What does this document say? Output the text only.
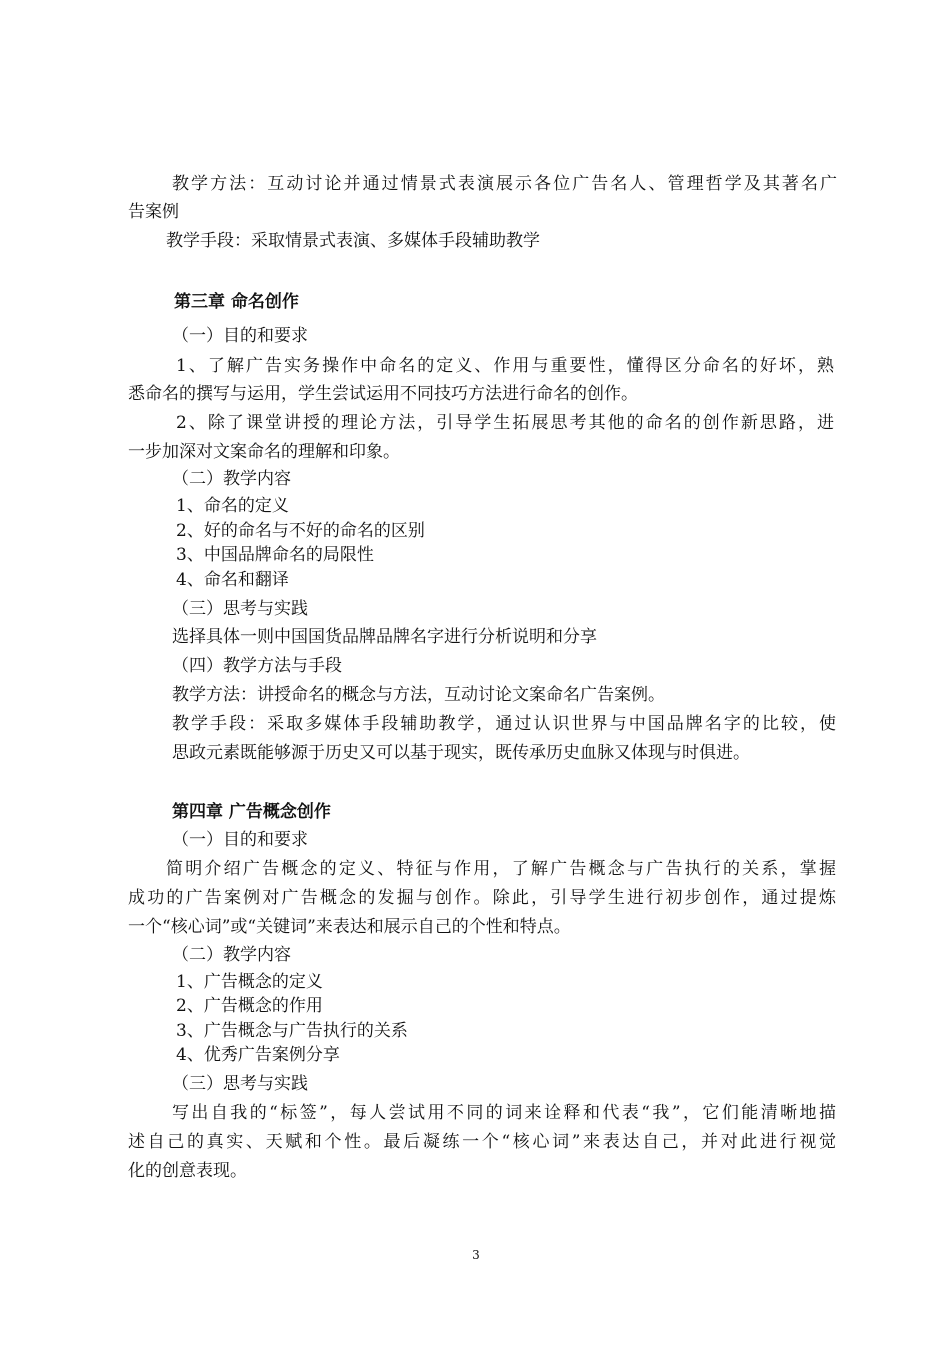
教学方法：互动讨论并通过情景式表演展示各位广告名人、管理哲学及其著名广
告案例
教学手段：采取情景式表演、多媒体手段辅助教学
第三章 命名创作
（一）目的和要求
1、了解广告实务操作中命名的定义、作用与重要性，懂得区分命名的好坏，熟
悉命名的撰写与运用，学生尝试运用不同技巧方法进行命名的创作。
2、除了课堂讲授的理论方法，引导学生拓展思考其他的命名的创作新思路，进
一步加深对文案命名的理解和印象。
（二）教学内容
1、命名的定义
2、好的命名与不好的命名的区别
3、中国品牌命名的局限性
4、命名和翻译
（三）思考与实践
选择具体一则中国国货品牌品牌名字进行分析说明和分享
（四）教学方法与手段
教学方法：讲授命名的概念与方法，互动讨论文案命名广告案例。
教学手段：采取多媒体手段辅助教学，通过认识世界与中国品牌名字的比较，使
思政元素既能够源于历史又可以基于现实，既传承历史血脉又体现与时俱进。
第四章 广告概念创作
（一）目的和要求
简明介绍广告概念的定义、特征与作用，了解广告概念与广告执行的关系，掌握
成功的广告案例对广告概念的发掘与创作。除此，引导学生进行初步创作，通过提炼
一个“核心词”或“关键词”来表达和展示自己的个性和特点。
（二）教学内容
1、广告概念的定义
2、广告概念的作用
3、广告概念与广告执行的关系
4、优秀广告案例分享
（三）思考与实践
写出自我的“标签”，每人尝试用不同的词来诠释和代表“我”，它们能清晰地描
述自己的真实、天赋和个性。最后凝练一个“核心词”来表达自己，并对此进行视觉
化的创意表现。
3
